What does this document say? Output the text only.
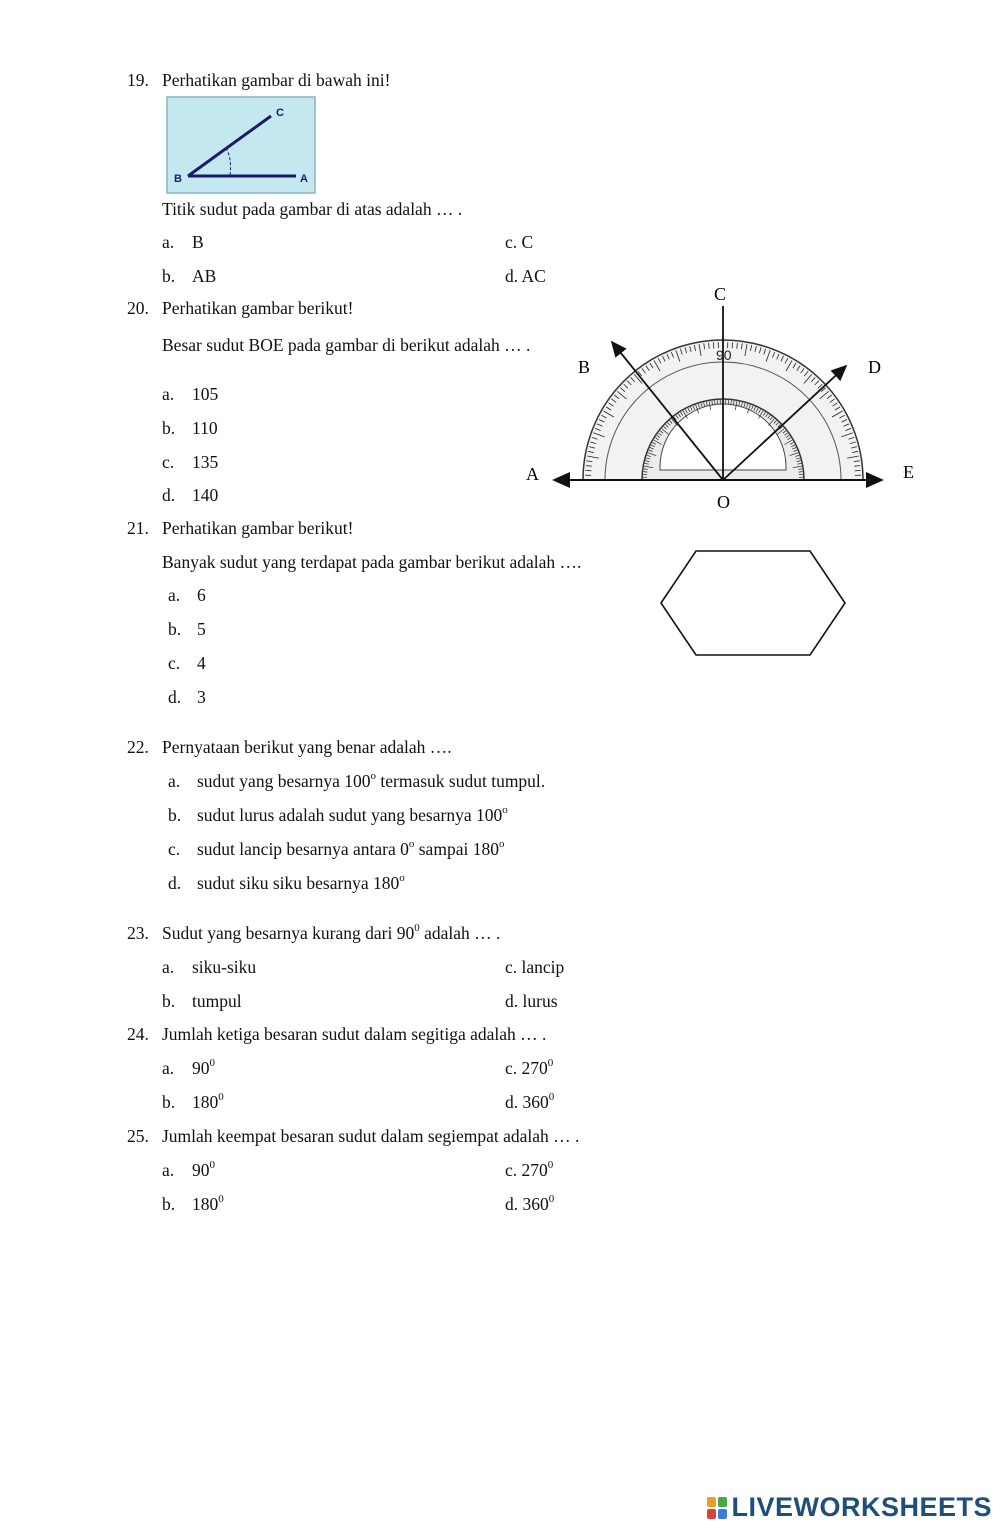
19. Perhatikan gambar di bawah ini!
B	A
C
Titik sudut pada gambar di atas adalah … .
a. B	c. C
b. AB	d. AC
20. Perhatikan gambar berikut!
Besar sudut BOE pada gambar di berikut adalah … .
a. 105
b. 110
c. 135
d. 140
90
C
B	D
A	E
O
21. Perhatikan gambar berikut!
Banyak sudut yang terdapat pada gambar berikut adalah ….
a. 6
b. 5
c. 4
d. 3
22. Pernyataan berikut yang benar adalah ….
a. sudut yang besarnya 100$^o$ termasuk sudut tumpul.
b. sudut lurus adalah sudut yang besarnya 100$^o$
c. sudut lancip besarnya antara 0$^o$ sampai 180$^o$
d. sudut siku siku besarnya 180$^o$
23. Sudut yang besarnya kurang dari $90^0$ adalah … .
a. siku-siku	c. lancip
b. tumpul	d. lurus
24. Jumlah ketiga besaran sudut dalam segitiga adalah … .
a. $90^0$	c. $270^0$
b. $180^0$	d. $360^0$
25. Jumlah keempat besaran sudut dalam segiempat adalah … .
a. $90^0$	c. $270^0$
b. $180^0$	d. $360^0$
LIVEWORKSHEETS
